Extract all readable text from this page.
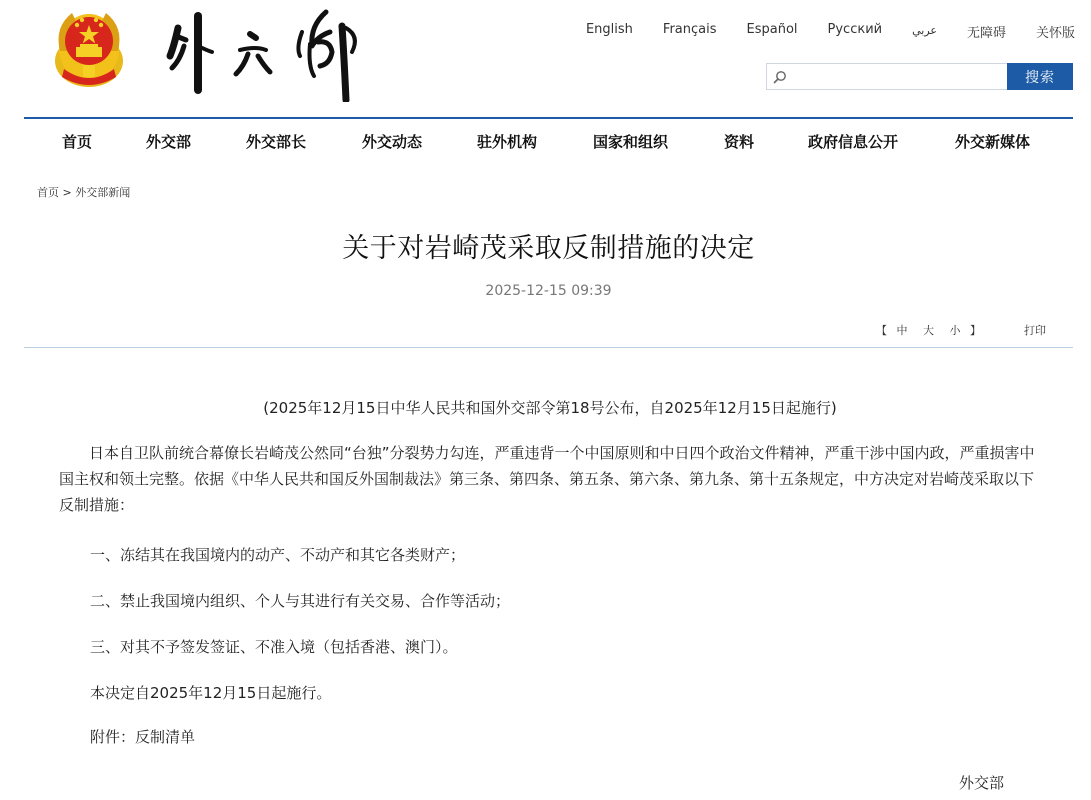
English Français Español Русский	عربي 无障碍 关怀版
搜索
首页	外交部	外交部长	外交动态	驻外机构	国家和组织	资料	政府信息公开	外交新媒体
首页 > 外交部新闻
关于对岩崎茂采取反制措施的决定
2025-12-15 09:39
【 中 大 小 】	打印
(2025年12月15日中华人民共和国外交部令第18号公布，自2025年12月15日起施行)
日本自卫队前统合幕僚长岩崎茂公然同“台独”分裂势力勾连，严重违背一个中国原则和中日四个政治文件精神，严重干涉中国内政，严重损害中国主权和领土完整。依据《中华人民共和国反外国制裁法》第三条、第四条、第五条、第六条、第九条、第十五条规定，中方决定对岩崎茂采取以下反制措施：
一、冻结其在我国境内的动产、不动产和其它各类财产；
二、禁止我国境内组织、个人与其进行有关交易、合作等活动；
三、对其不予签发签证、不准入境（包括香港、澳门）。
本决定自2025年12月15日起施行。
附件：反制清单
外交部
